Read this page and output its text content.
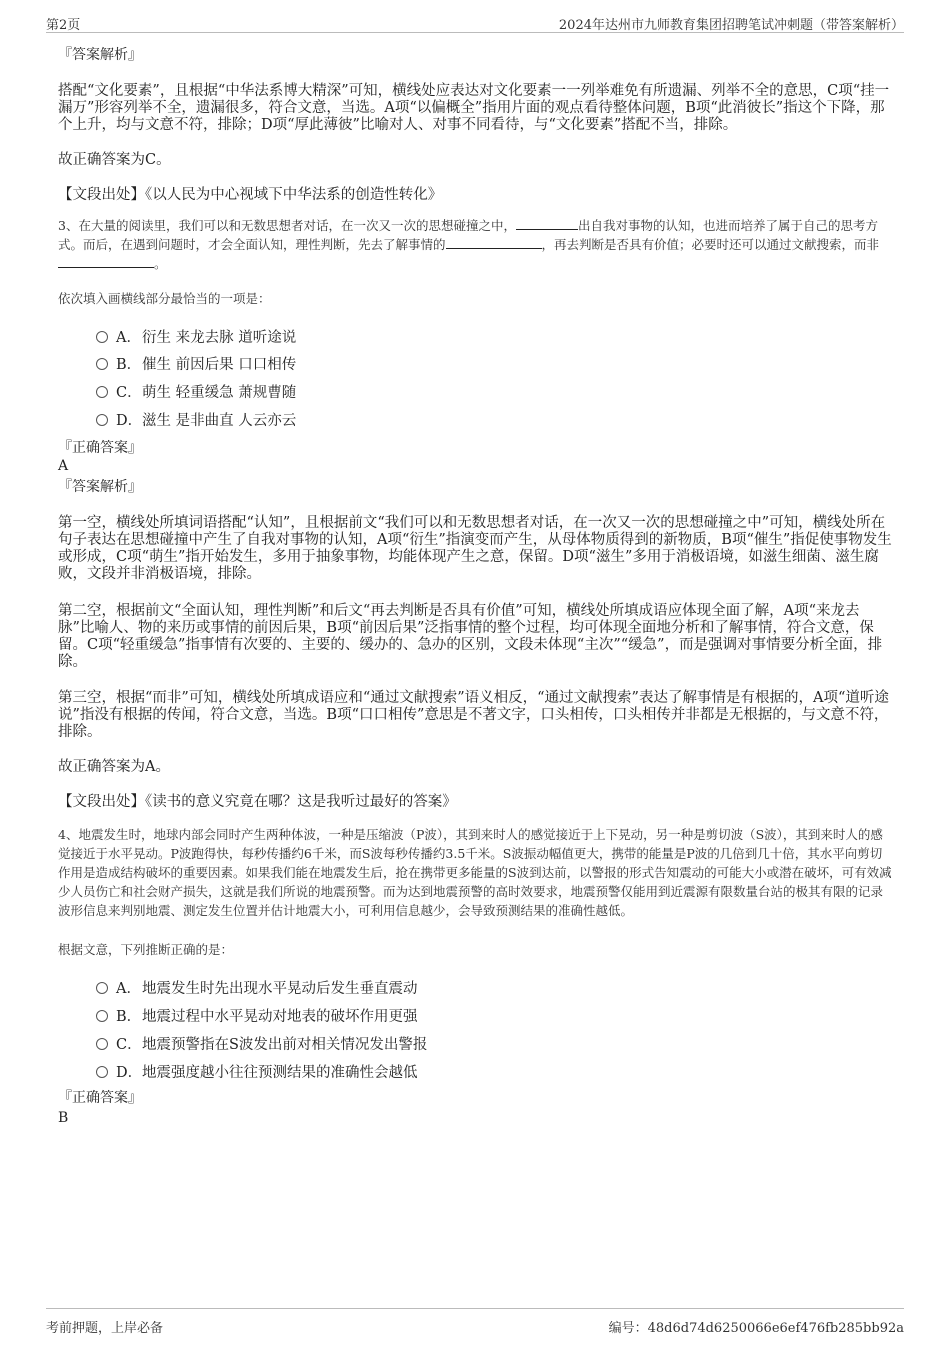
第2页	2024年达州市九师教育集团招聘笔试冲刺题（带答案解析）
『答案解析』
搭配“文化要素”，且根据“中华法系博大精深”可知，横线处应表达对文化要素一一列举难免有所遗漏、列举不全的意思，C项“挂一漏万”形容列举不全，遗漏很多，符合文意，当选。A项“以偏概全”指用片面的观点看待整体问题，B项“此消彼长”指这个下降，那个上升，均与文意不符，排除；D项“厚此薄彼”比喻对人、对事不同看待，与“文化要素”搭配不当，排除。
故正确答案为C。
【文段出处】《以人民为中心视域下中华法系的创造性转化》
3、在大量的阅读里，我们可以和无数思想者对话，在一次又一次的思想碰撞之中，	出自我对事物的认知，也进而培养了属于自己的思考方式。而后，在遇到问题时，才会全面认知，理性判断，先去了解事情的	，再去判断是否具有价值；必要时还可以通过文献搜索，而非。
依次填入画横线部分最恰当的一项是：
A．衍生 来龙去脉 道听途说
B．催生 前因后果 口口相传
C．萌生 轻重缓急 萧规曹随
D．滋生 是非曲直 人云亦云
『正确答案』
A
『答案解析』
第一空，横线处所填词语搭配“认知”，且根据前文“我们可以和无数思想者对话，在一次又一次的思想碰撞之中”可知，横线处所在句子表达在思想碰撞中产生了自我对事物的认知，A项“衍生”指演变而产生，从母体物质得到的新物质，B项“催生”指促使事物发生或形成，C项“萌生”指开始发生，多用于抽象事物，均能体现产生之意，保留。D项“滋生”多用于消极语境，如滋生细菌、滋生腐败，文段并非消极语境，排除。
第二空，根据前文“全面认知，理性判断”和后文“再去判断是否具有价值”可知，横线处所填成语应体现全面了解，A项“来龙去脉”比喻人、物的来历或事情的前因后果，B项“前因后果”泛指事情的整个过程，均可体现全面地分析和了解事情，符合文意，保留。C项“轻重缓急”指事情有次要的、主要的、缓办的、急办的区别，文段未体现“主次”“缓急”，而是强调对事情要分析全面，排除。
第三空，根据“而非”可知，横线处所填成语应和“通过文献搜索”语义相反，“通过文献搜索”表达了解事情是有根据的，A项“道听途说”指没有根据的传闻，符合文意，当选。B项“口口相传”意思是不著文字，口头相传，口头相传并非都是无根据的，与文意不符，排除。
故正确答案为A。
【文段出处】《读书的意义究竟在哪？这是我听过最好的答案》
4、地震发生时，地球内部会同时产生两种体波，一种是压缩波（P波），其到来时人的感觉接近于上下晃动，另一种是剪切波（S波），其到来时人的感觉接近于水平晃动。P波跑得快，每秒传播约6千米，而S波每秒传播约3.5千米。S波振动幅值更大，携带的能量是P波的几倍到几十倍，其水平向剪切作用是造成结构破坏的重要因素。如果我们能在地震发生后，抢在携带更多能量的S波到达前，以警报的形式告知震动的可能大小或潜在破坏，可有效减少人员伤亡和社会财产损失，这就是我们所说的地震预警。而为达到地震预警的高时效要求，地震预警仅能用到近震源有限数量台站的极其有限的记录波形信息来判别地震、测定发生位置并估计地震大小，可利用信息越少，会导致预测结果的准确性越低。
根据文意，下列推断正确的是：
A．地震发生时先出现水平晃动后发生垂直震动
B．地震过程中水平晃动对地表的破坏作用更强
C．地震预警指在S波发出前对相关情况发出警报
D．地震强度越小往往预测结果的准确性会越低
『正确答案』
B
考前押题，上岸必备	编号：48d6d74d6250066e6ef476fb285bb92a
